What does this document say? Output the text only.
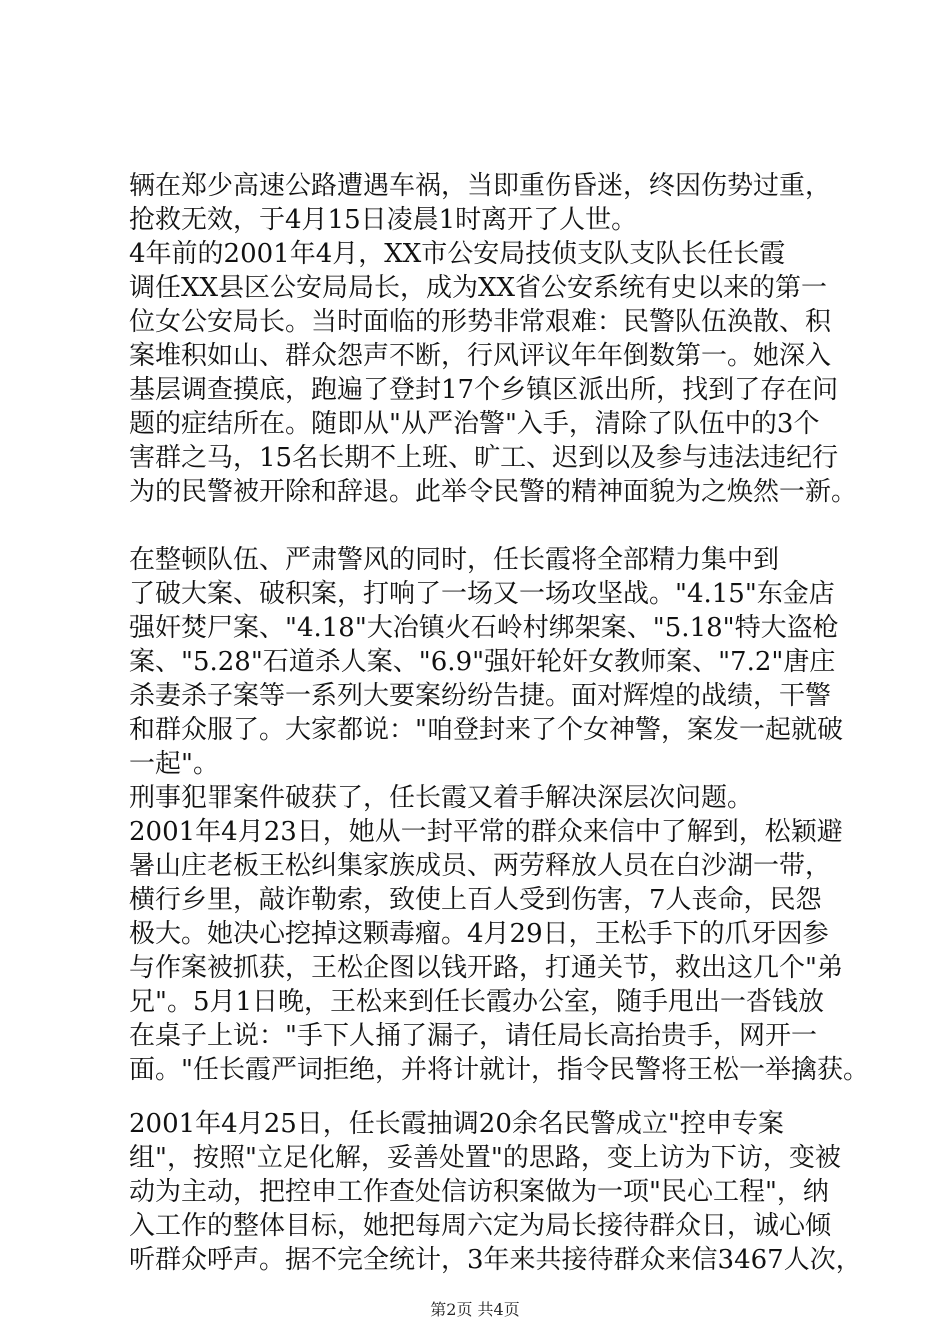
辆在郑少高速公路遭遇车祸，当即重伤昏迷，终因伤势过重，
抢救无效，于4月15日凌晨1时离开了人世。
4年前的2001年4月，XX市公安局技侦支队支队长任长霞
调任XX县区公安局局长，成为XX省公安系统有史以来的第一
位女公安局长。当时面临的形势非常艰难：民警队伍涣散、积
案堆积如山、群众怨声不断，行风评议年年倒数第一。她深入
基层调查摸底，跑遍了登封17个乡镇区派出所，找到了存在问
题的症结所在。随即从"从严治警"入手，清除了队伍中的3个
害群之马，15名长期不上班、旷工、迟到以及参与违法违纪行
为的民警被开除和辞退。此举令民警的精神面貌为之焕然一新。
在整顿队伍、严肃警风的同时，任长霞将全部精力集中到
了破大案、破积案，打响了一场又一场攻坚战。"4.15"东金店
强奸焚尸案、"4.18"大冶镇火石岭村绑架案、"5.18"特大盗枪
案、"5.28"石道杀人案、"6.9"强奸轮奸女教师案、"7.2"唐庄
杀妻杀子案等一系列大要案纷纷告捷。面对辉煌的战绩，干警
和群众服了。大家都说："咱登封来了个女神警，案发一起就破
一起"。
刑事犯罪案件破获了，任长霞又着手解决深层次问题。
2001年4月23日，她从一封平常的群众来信中了解到，松颖避
暑山庄老板王松纠集家族成员、两劳释放人员在白沙湖一带，
横行乡里，敲诈勒索，致使上百人受到伤害，7人丧命，民怨
极大。她决心挖掉这颗毒瘤。4月29日，王松手下的爪牙因参
与作案被抓获，王松企图以钱开路，打通关节，救出这几个"弟
兄"。5月1日晚，王松来到任长霞办公室，随手甩出一沓钱放
在桌子上说："手下人捅了漏子，请任局长高抬贵手，网开一
面。"任长霞严词拒绝，并将计就计，指令民警将王松一举擒获。
2001年4月25日，任长霞抽调20余名民警成立"控申专案
组"，按照"立足化解，妥善处置"的思路，变上访为下访，变被
动为主动，把控申工作查处信访积案做为一项"民心工程"，纳
入工作的整体目标，她把每周六定为局长接待群众日，诚心倾
听群众呼声。据不完全统计，3年来共接待群众来信3467人次，
第2页 共4页
